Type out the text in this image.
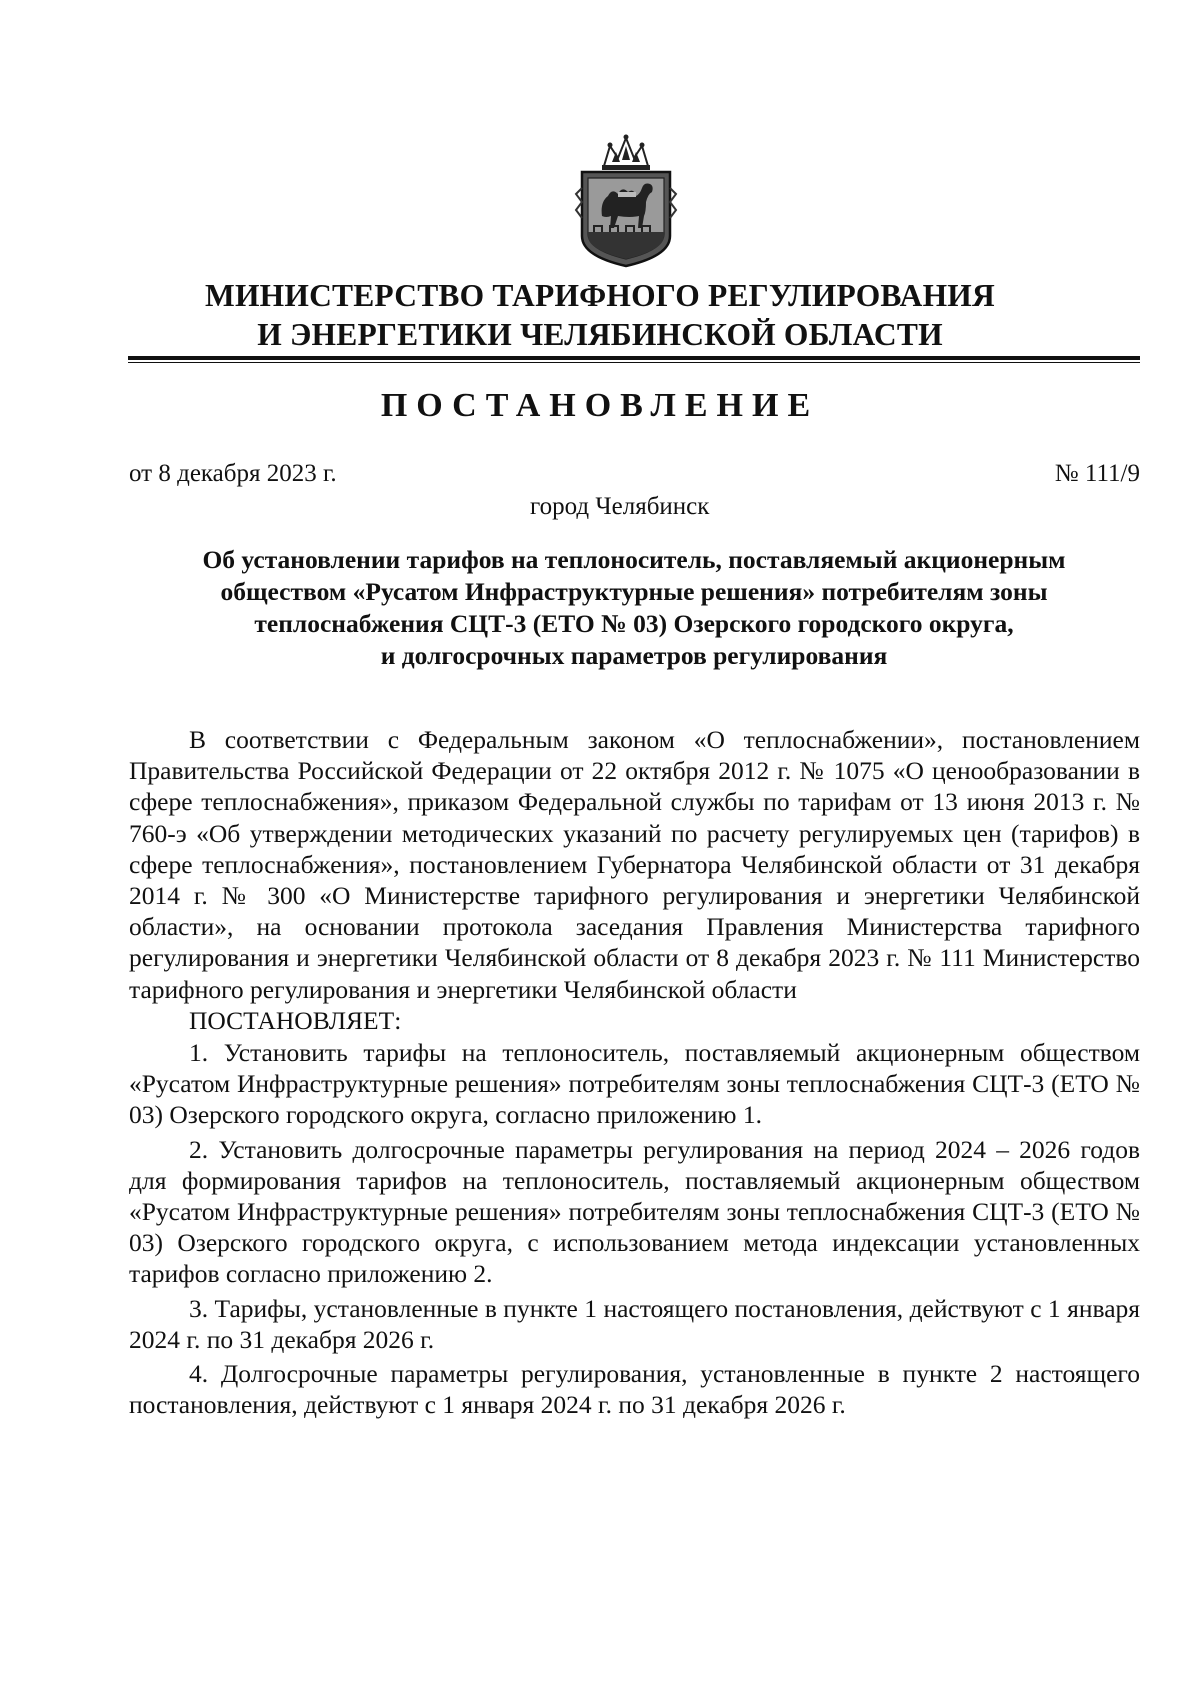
МИНИСТЕРСТВО ТАРИФНОГО РЕГУЛИРОВАНИЯ
И ЭНЕРГЕТИКИ ЧЕЛЯБИНСКОЙ ОБЛАСТИ
ПОСТАНОВЛЕНИЕ
от 8 декабря 2023 г.	№ 111/9
город Челябинск
Об установлении тарифов на теплоноситель, поставляемый акционерным
обществом «Русатом Инфраструктурные решения» потребителям зоны
теплоснабжения СЦТ-3 (ЕТО № 03) Озерского городского округа,
и долгосрочных параметров регулирования

В соответствии с Федеральным законом «О теплоснабжении», постановлением Правительства Российской Федерации от 22 октября 2012 г. № 1075 «О ценообразовании в сфере теплоснабжения», приказом Федеральной службы по тарифам от 13 июня 2013 г. № 760-э «Об утверждении методических указаний по расчету регулируемых цен (тарифов) в сфере теплоснабжения», постановлением Губернатора Челябинской области от 31 декабря 2014 г. № 300 «О Министерстве тарифного регулирования и энергетики Челябинской области», на основании протокола заседания Правления Министерства тарифного регулирования и энергетики Челябинской области от 8 декабря 2023 г. № 111 Министерство тарифного регулирования и энергетики Челябинской области

ПОСТАНОВЛЯЕТ:

1. Установить тарифы на теплоноситель, поставляемый акционерным обществом «Русатом Инфраструктурные решения» потребителям зоны теплоснабжения СЦТ-3 (ЕТО № 03) Озерского городского округа, согласно приложению 1.

2. Установить долгосрочные параметры регулирования на период 2024 – 2026 годов для формирования тарифов на теплоноситель, поставляемый акционерным обществом «Русатом Инфраструктурные решения» потребителям зоны теплоснабжения СЦТ-3 (ЕТО № 03) Озерского городского округа, с использованием метода индексации установленных тарифов согласно приложению 2.

3. Тарифы, установленные в пункте 1 настоящего постановления, действуют с 1 января 2024 г. по 31 декабря 2026 г.

4. Долгосрочные параметры регулирования, установленные в пункте 2 настоящего постановления, действуют с 1 января 2024 г. по 31 декабря 2026 г.
